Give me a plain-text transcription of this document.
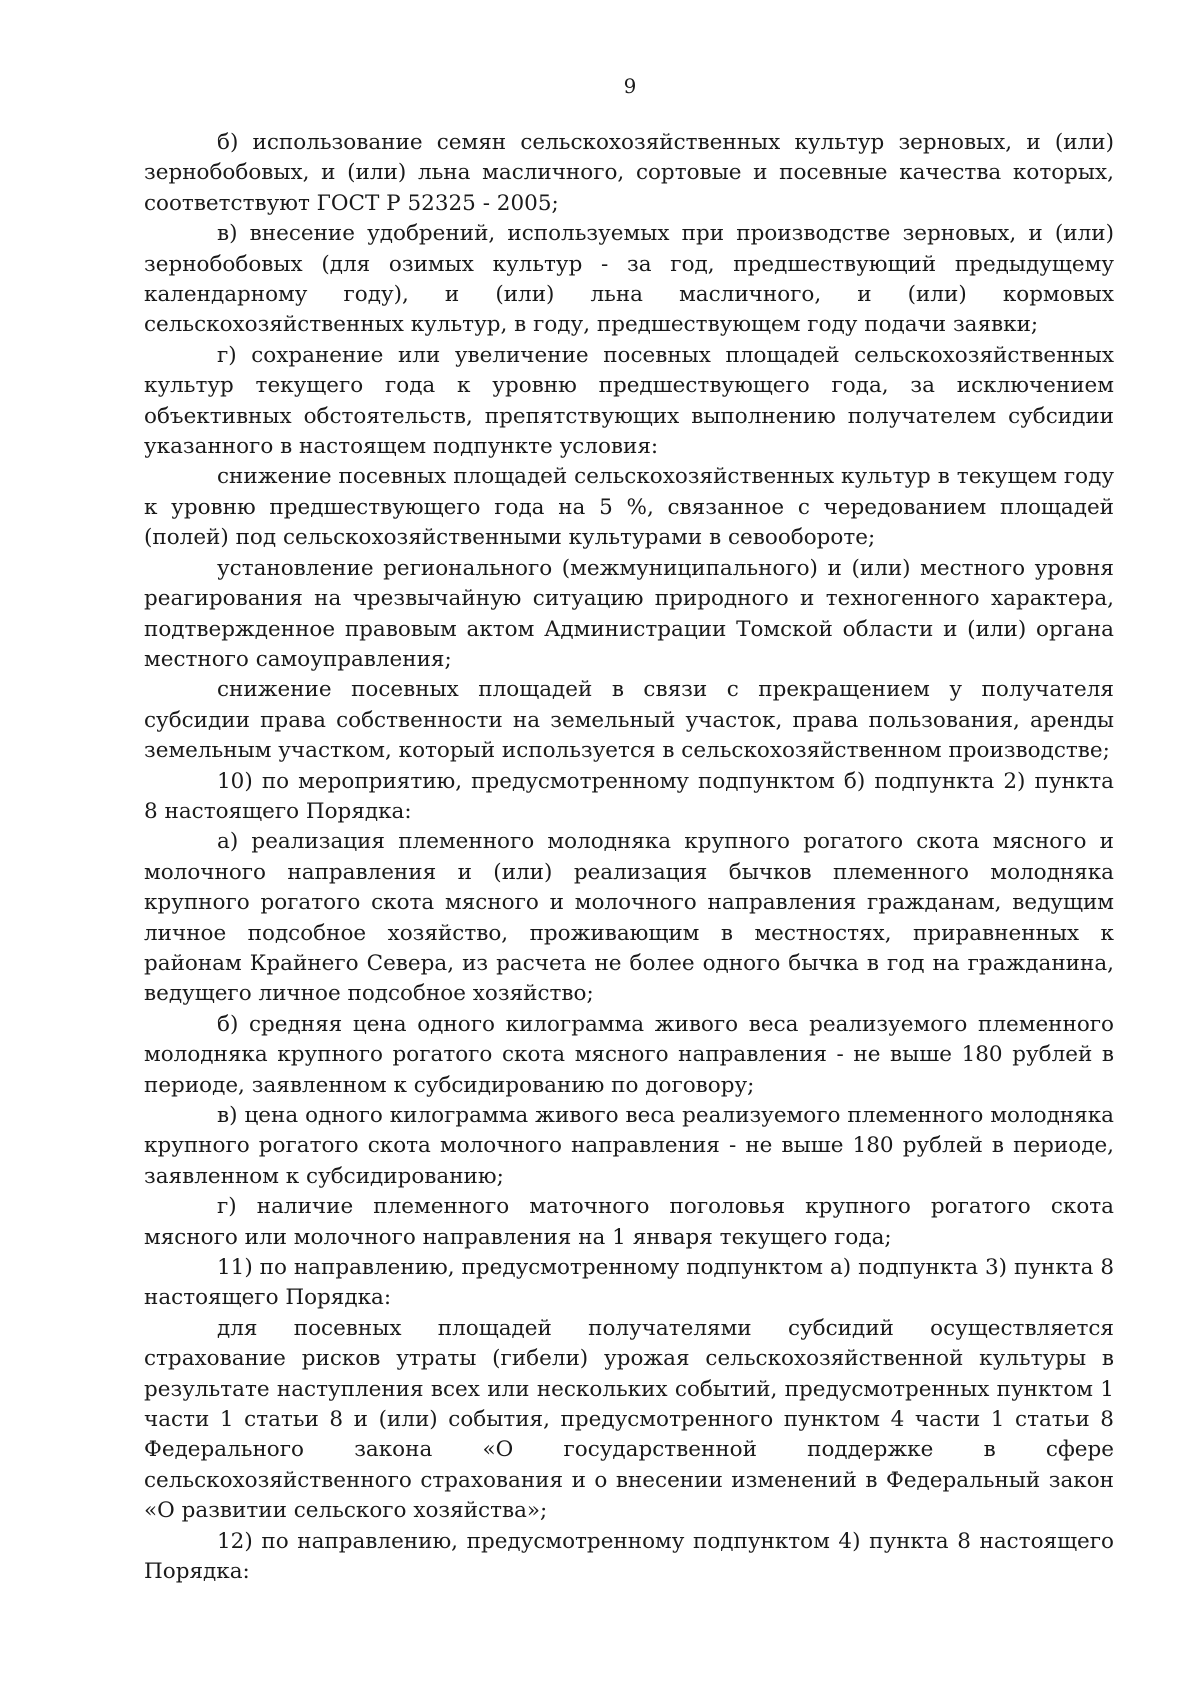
9

б) использование семян сельскохозяйственных культур зерновых, и (или) зернобобовых, и (или) льна масличного, сортовые и посевные качества которых, соответствуют ГОСТ Р 52325 - 2005;

в) внесение удобрений, используемых при производстве зерновых, и (или) зернобобовых (для озимых культур - за год, предшествующий предыдущему календарному году), и (или) льна масличного, и (или) кормовых сельскохозяйственных культур, в году, предшествующем году подачи заявки;

г) сохранение или увеличение посевных площадей сельскохозяйственных культур текущего года к уровню предшествующего года, за исключением объективных обстоятельств, препятствующих выполнению получателем субсидии указанного в настоящем подпункте условия:

снижение посевных площадей сельскохозяйственных культур в текущем году к уровню предшествующего года на 5 %, связанное с чередованием площадей (полей) под сельскохозяйственными культурами в севообороте;

установление регионального (межмуниципального) и (или) местного уровня реагирования на чрезвычайную ситуацию природного и техногенного характера, подтвержденное правовым актом Администрации Томской области и (или) органа местного самоуправления;

снижение посевных площадей в связи с прекращением у получателя субсидии права собственности на земельный участок, права пользования, аренды земельным участком, который используется в сельскохозяйственном производстве;

10) по мероприятию, предусмотренному подпунктом б) подпункта 2) пункта 8 настоящего Порядка:

а) реализация племенного молодняка крупного рогатого скота мясного и молочного направления и (или) реализация бычков племенного молодняка крупного рогатого скота мясного и молочного направления гражданам, ведущим личное подсобное хозяйство, проживающим в местностях, приравненных к районам Крайнего Севера, из расчета не более одного бычка в год на гражданина, ведущего личное подсобное хозяйство;

б) средняя цена одного килограмма живого веса реализуемого племенного молодняка крупного рогатого скота мясного направления - не выше 180 рублей в периоде, заявленном к субсидированию по договору;

в) цена одного килограмма живого веса реализуемого племенного молодняка крупного рогатого скота молочного направления - не выше 180 рублей в периоде, заявленном к субсидированию;

г) наличие племенного маточного поголовья крупного рогатого скота мясного или молочного направления на 1 января текущего года;

11) по направлению, предусмотренному подпунктом а) подпункта 3) пункта 8 настоящего Порядка:

для посевных площадей получателями субсидий осуществляется страхование рисков утраты (гибели) урожая сельскохозяйственной культуры в результате наступления всех или нескольких событий, предусмотренных пунктом 1 части 1 статьи 8 и (или) события, предусмотренного пунктом 4 части 1 статьи 8 Федерального закона «О государственной поддержке в сфере сельскохозяйственного страхования и о внесении изменений в Федеральный закон «О развитии сельского хозяйства»;

12) по направлению, предусмотренному подпунктом 4) пункта 8 настоящего Порядка:
